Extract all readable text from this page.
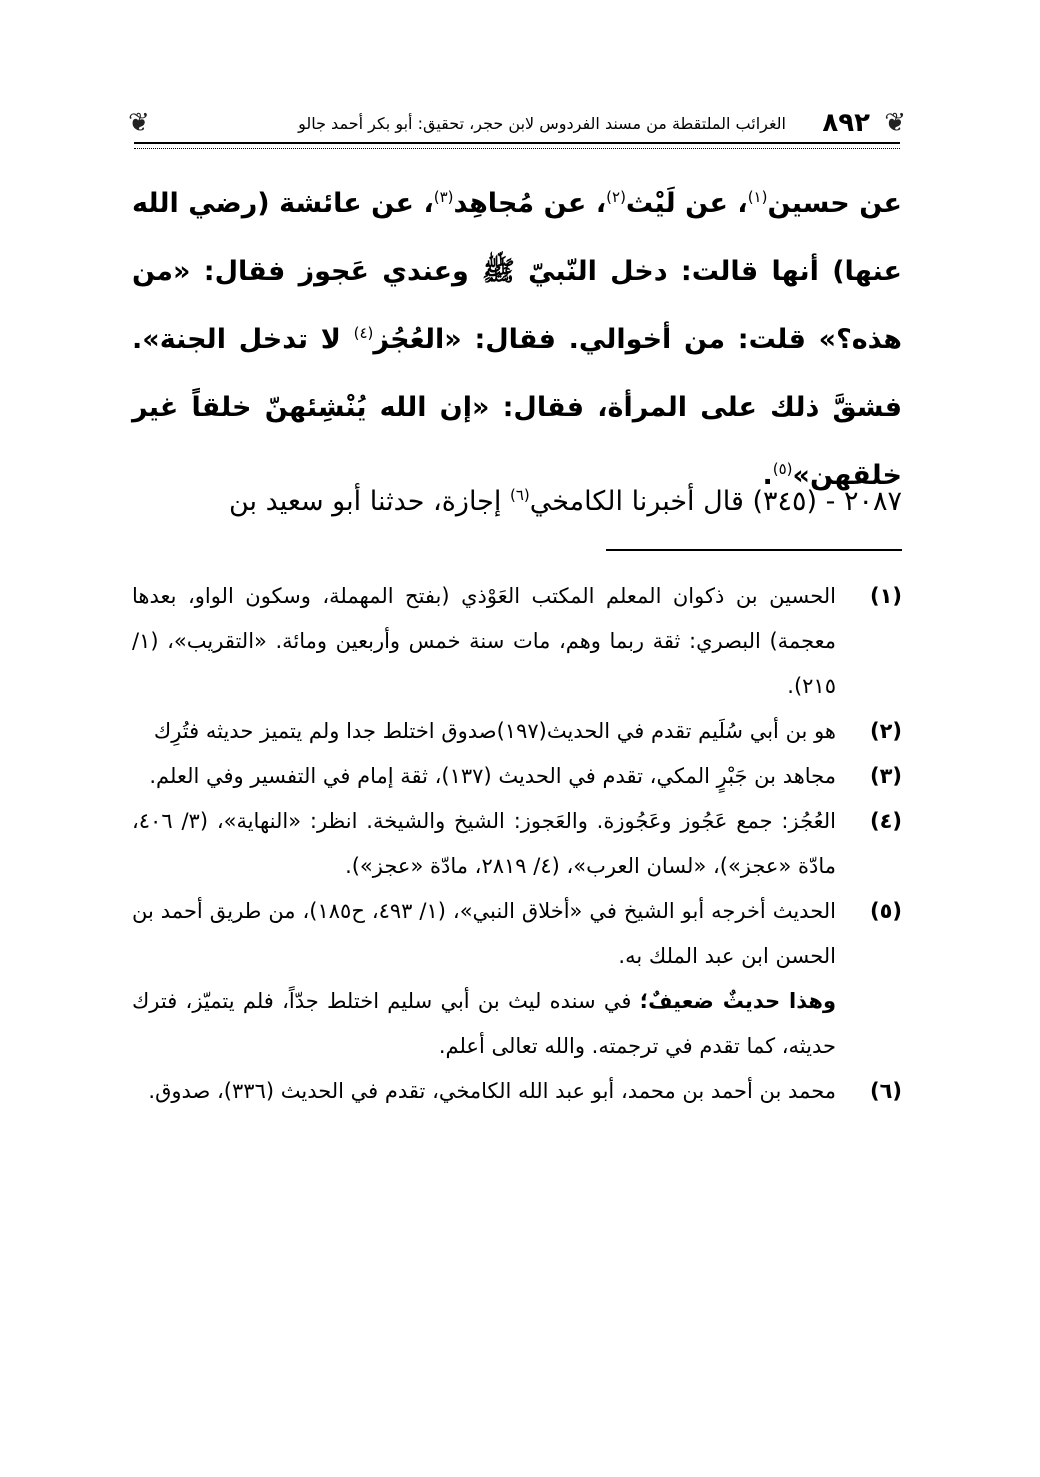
❦
٨٩٢
الغرائب الملتقطة من مسند الفردوس لابن حجر، تحقيق: أبو بكر أحمد جالو
❦

عن حسين$^{(١)}$، عن لَيْث$^{(٢)}$، عن مُجاهِد$^{(٣)}$، عن عائشة (رضي الله عنها) أنها قالت: دخل النّبيّ ﷺ وعندي عَجوز فقال: «من هذه؟» قلت: من أخوالي. فقال: «العُجُز$^{(٤)}$ لا تدخل الجنة». فشقَّ ذلك على المرأة، فقال: «إن الله يُنْشِئهنّ خلقاً غير خلقهن»$^{(٥)}$.

٢٠٨٧ - (٣٤٥) قال أخبرنا الكامخي$^{(٦)}$ إجازة، حدثنا أبو سعيد بن
(١)
الحسين بن ذكوان المعلم المكتب العَوْذي (بفتح المهملة، وسكون الواو، بعدها معجمة) البصري: ثقة ربما وهم، مات سنة خمس وأربعين ومائة. «التقريب»، (١/ ٢١٥).
(٢)
هو بن أبي سُلَيم تقدم في الحديث(١٩٧)صدوق اختلط جدا ولم يتميز حديثه فتُرِك
(٣)
مجاهد بن جَبْرٍ المكي، تقدم في الحديث (١٣٧)، ثقة إمام في التفسير وفي العلم.
(٤)
العُجُز: جمع عَجُوز وعَجُوزة. والعَجوز: الشيخ والشيخة. انظر: «النهاية»، (٣/ ٤٠٦، مادّة «عجز»)، «لسان العرب»، (٤/ ٢٨١٩، مادّة «عجز»).
(٥)

الحديث أخرجه أبو الشيخ في «أخلاق النبي»، (١/ ٤٩٣، ح١٨٥)، من طريق أحمد بن الحسن ابن عبد الملك به.

وهذا حديثٌ ضعيفٌ؛ في سنده ليث بن أبي سليم اختلط جدّاً، فلم يتميّز، فترك حديثه، كما تقدم في ترجمته. والله تعالى أعلم.

(٦)
محمد بن أحمد بن محمد، أبو عبد الله الكامخي، تقدم في الحديث (٣٣٦)، صدوق.
